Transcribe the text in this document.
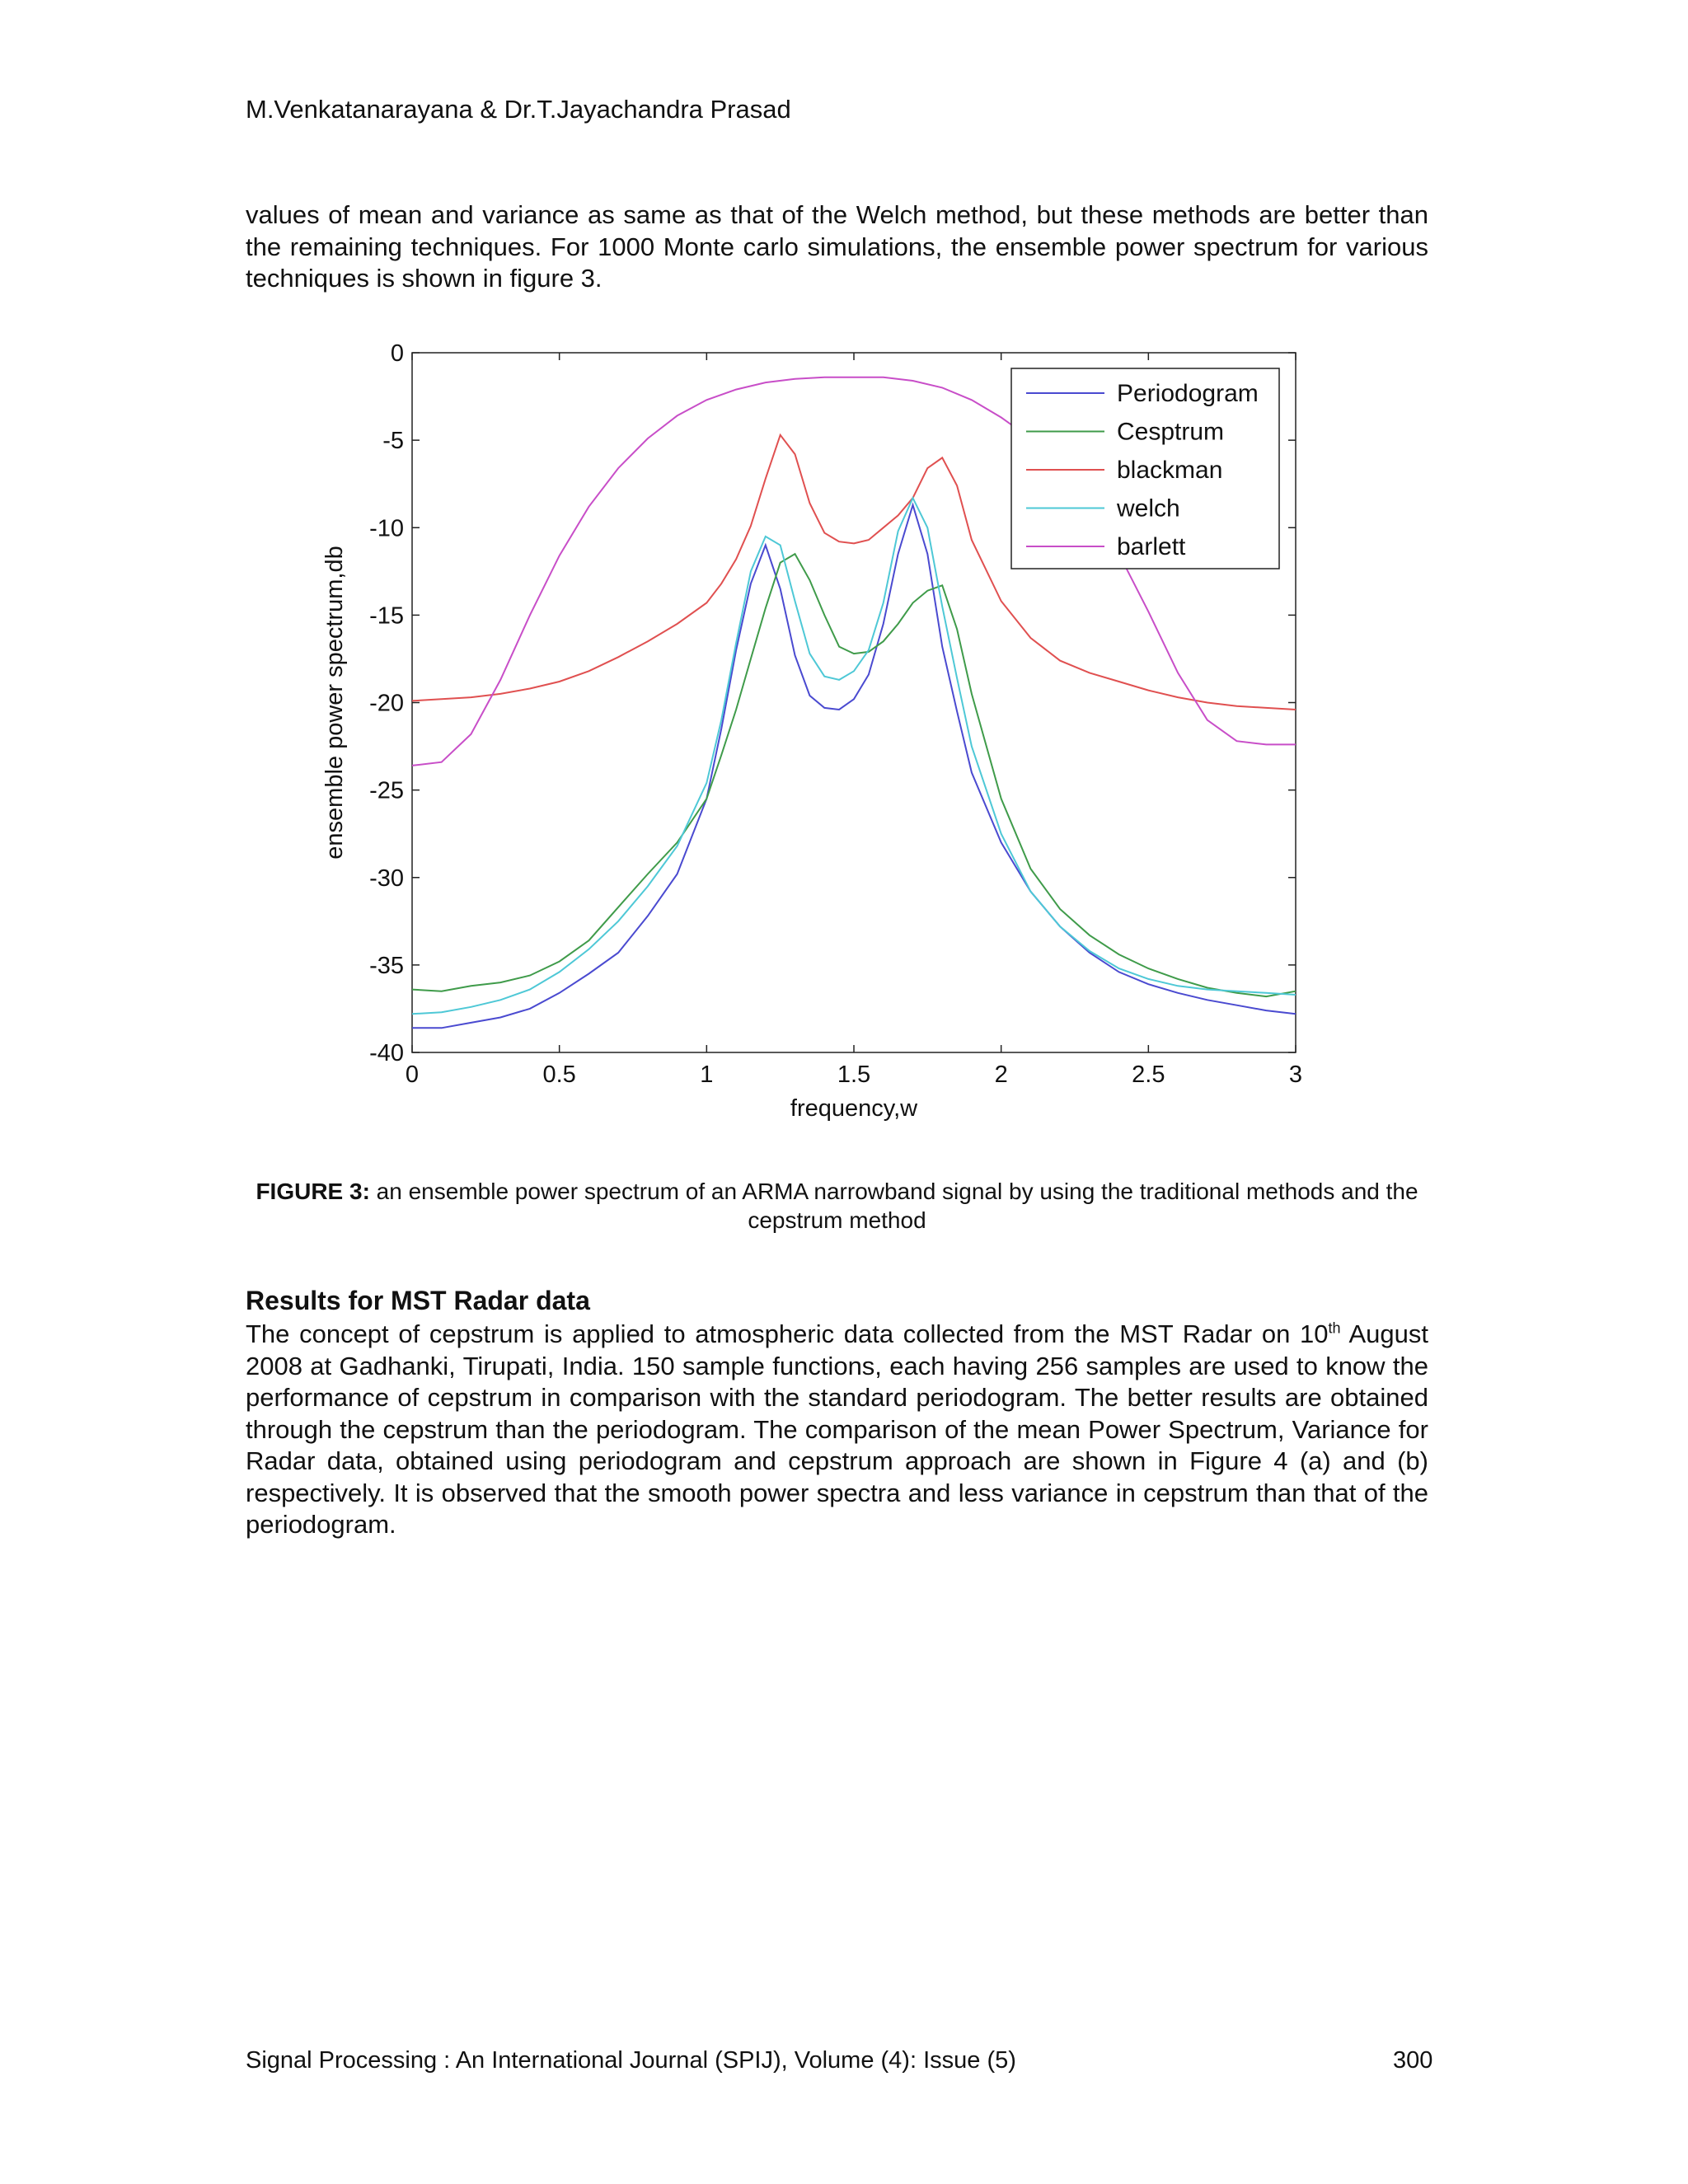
M.Venkatanarayana & Dr.T.Jayachandra Prasad
values of mean and variance as same as that of the Welch method, but these methods are better than the remaining techniques. For 1000 Monte carlo simulations, the ensemble power spectrum for various techniques is shown in figure 3.
0	0.5	1	1.5	2	2.5	3
0
-5
-10
-15
-20
-25
-30
-35
-40
frequency,w
ensemble power spectrum,db
Periodogram
Cesptrum
blackman
welch
barlett
FIGURE 3: an ensemble power spectrum of an ARMA narrowband signal by using the traditional methods and the cepstrum method
Results for MST Radar data
The concept of cepstrum is applied to atmospheric data collected from the MST Radar on 10th August 2008 at Gadhanki, Tirupati, India. 150 sample functions, each having 256 samples are used to know the performance of cepstrum in comparison with the standard periodogram. The better results are obtained through the cepstrum than the periodogram. The comparison of the mean Power Spectrum, Variance for Radar data, obtained using periodogram and cepstrum approach are shown in Figure 4 (a) and (b) respectively. It is observed that the smooth power spectra and less variance in cepstrum than that of the periodogram.
Signal Processing : An International Journal (SPIJ), Volume (4): Issue (5)	300
